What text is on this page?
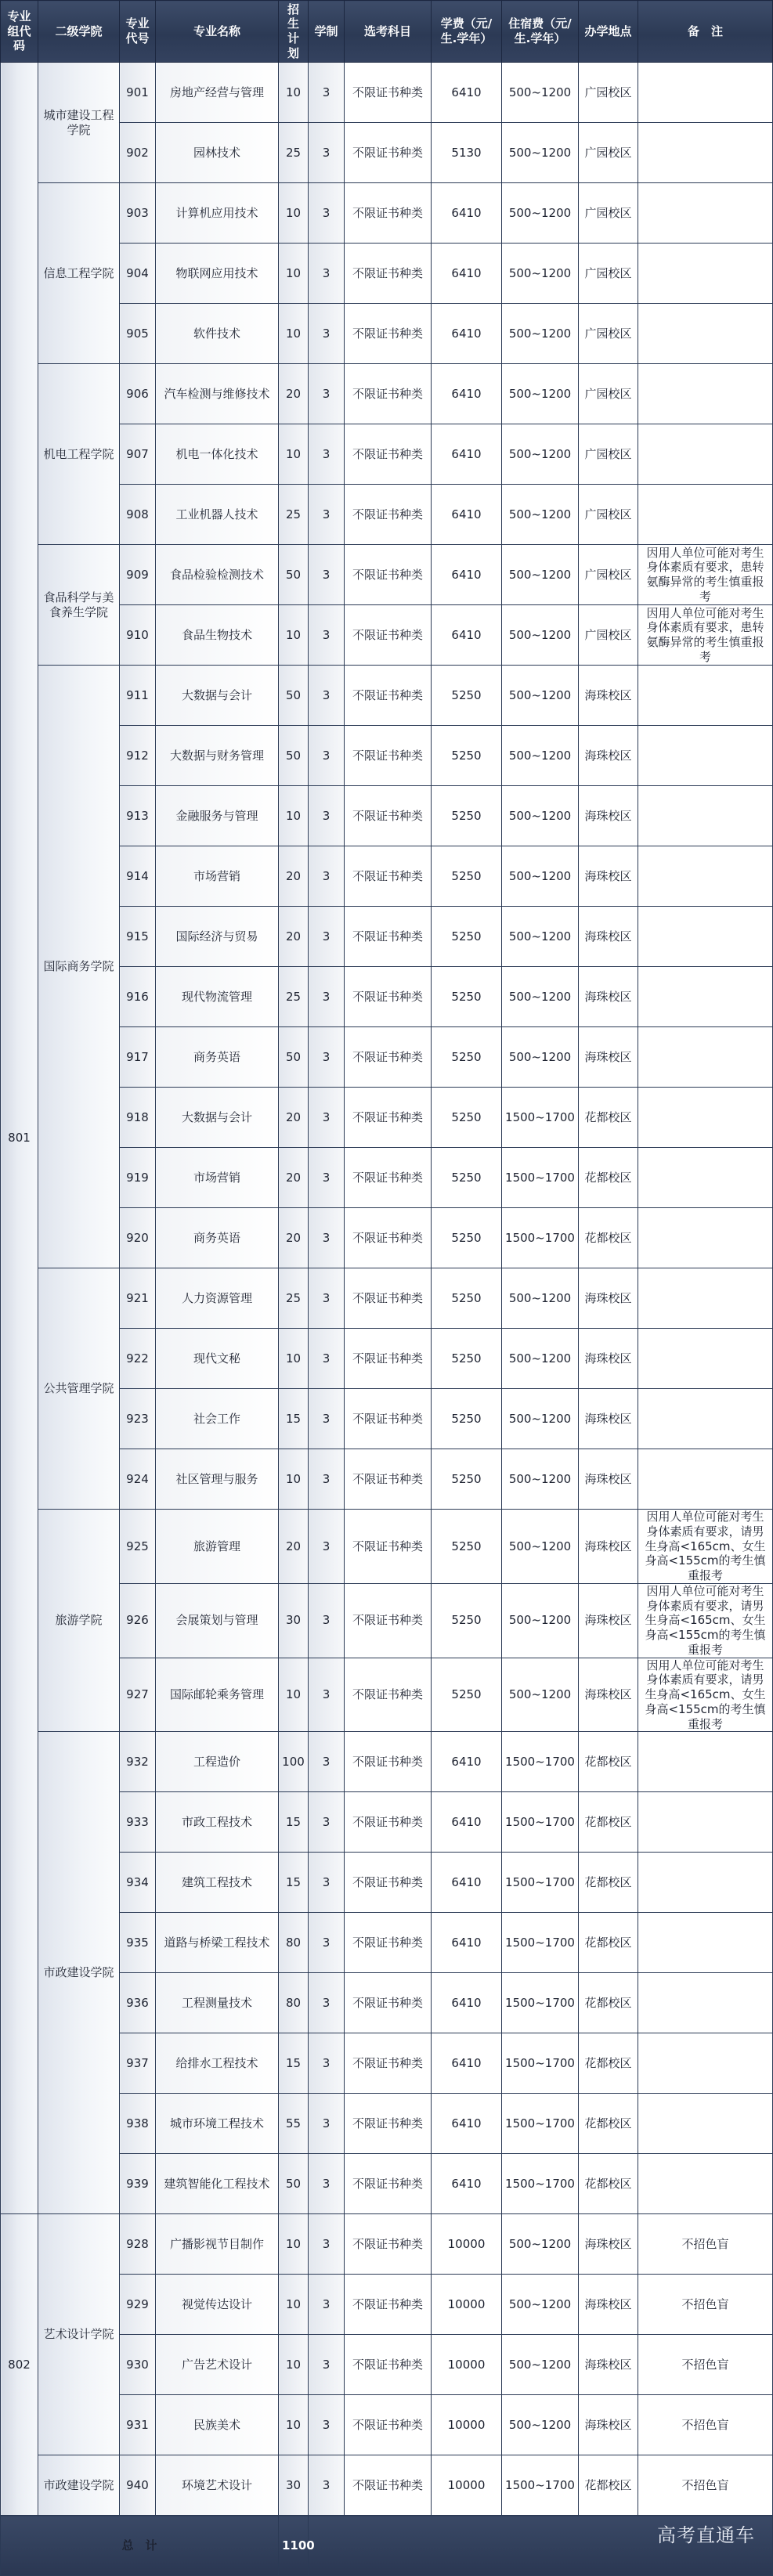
专业组代码	二级学院	专业代号	专业名称	招生计划	学制	选考科目	学费（元/生.学年）	住宿费（元/生.学年）	办学地点	备　注
801	城市建设工程学院	901	房地产经营与管理	10	3	不限证书种类	6410	500~1200	广园校区	
		902	园林技术	25	3	不限证书种类	5130	500~1200	广园校区	
	信息工程学院	903	计算机应用技术	10	3	不限证书种类	6410	500~1200	广园校区	
		904	物联网应用技术	10	3	不限证书种类	6410	500~1200	广园校区	
		905	软件技术	10	3	不限证书种类	6410	500~1200	广园校区	
	机电工程学院	906	汽车检测与维修技术	20	3	不限证书种类	6410	500~1200	广园校区	
		907	机电一体化技术	10	3	不限证书种类	6410	500~1200	广园校区	
		908	工业机器人技术	25	3	不限证书种类	6410	500~1200	广园校区	
	食品科学与美食养生学院	909	食品检验检测技术	50	3	不限证书种类	6410	500~1200	广园校区	因用人单位可能对考生身体素质有要求，患转氨酶异常的考生慎重报考
		910	食品生物技术	10	3	不限证书种类	6410	500~1200	广园校区	因用人单位可能对考生身体素质有要求，患转氨酶异常的考生慎重报考
	国际商务学院	911	大数据与会计	50	3	不限证书种类	5250	500~1200	海珠校区	
		912	大数据与财务管理	50	3	不限证书种类	5250	500~1200	海珠校区	
		913	金融服务与管理	10	3	不限证书种类	5250	500~1200	海珠校区	
		914	市场营销	20	3	不限证书种类	5250	500~1200	海珠校区	
		915	国际经济与贸易	20	3	不限证书种类	5250	500~1200	海珠校区	
		916	现代物流管理	25	3	不限证书种类	5250	500~1200	海珠校区	
		917	商务英语	50	3	不限证书种类	5250	500~1200	海珠校区	
		918	大数据与会计	20	3	不限证书种类	5250	1500~1700	花都校区	
		919	市场营销	20	3	不限证书种类	5250	1500~1700	花都校区	
		920	商务英语	20	3	不限证书种类	5250	1500~1700	花都校区	
	公共管理学院	921	人力资源管理	25	3	不限证书种类	5250	500~1200	海珠校区	
		922	现代文秘	10	3	不限证书种类	5250	500~1200	海珠校区	
		923	社会工作	15	3	不限证书种类	5250	500~1200	海珠校区	
		924	社区管理与服务	10	3	不限证书种类	5250	500~1200	海珠校区	
	旅游学院	925	旅游管理	20	3	不限证书种类	5250	500~1200	海珠校区	因用人单位可能对考生身体素质有要求，请男生身高<165cm、女生身高<155cm的考生慎重报考
		926	会展策划与管理	30	3	不限证书种类	5250	500~1200	海珠校区	因用人单位可能对考生身体素质有要求，请男生身高<165cm、女生身高<155cm的考生慎重报考
		927	国际邮轮乘务管理	10	3	不限证书种类	5250	500~1200	海珠校区	因用人单位可能对考生身体素质有要求，请男生身高<165cm、女生身高<155cm的考生慎重报考
	市政建设学院	932	工程造价	100	3	不限证书种类	6410	1500~1700	花都校区	
		933	市政工程技术	15	3	不限证书种类	6410	1500~1700	花都校区	
		934	建筑工程技术	15	3	不限证书种类	6410	1500~1700	花都校区	
		935	道路与桥梁工程技术	80	3	不限证书种类	6410	1500~1700	花都校区	
		936	工程测量技术	80	3	不限证书种类	6410	1500~1700	花都校区	
		937	给排水工程技术	15	3	不限证书种类	6410	1500~1700	花都校区	
		938	城市环境工程技术	55	3	不限证书种类	6410	1500~1700	花都校区	
		939	建筑智能化工程技术	50	3	不限证书种类	6410	1500~1700	花都校区	
802	艺术设计学院	928	广播影视节目制作	10	3	不限证书种类	10000	500~1200	海珠校区	不招色盲
		929	视觉传达设计	10	3	不限证书种类	10000	500~1200	海珠校区	不招色盲
		930	广告艺术设计	10	3	不限证书种类	10000	500~1200	海珠校区	不招色盲
		931	民族美术	10	3	不限证书种类	10000	500~1200	海珠校区	不招色盲
	市政建设学院	940	环境艺术设计	30	3	不限证书种类	10000	1500~1700	花都校区	不招色盲
总　计				1100							高考直通车
